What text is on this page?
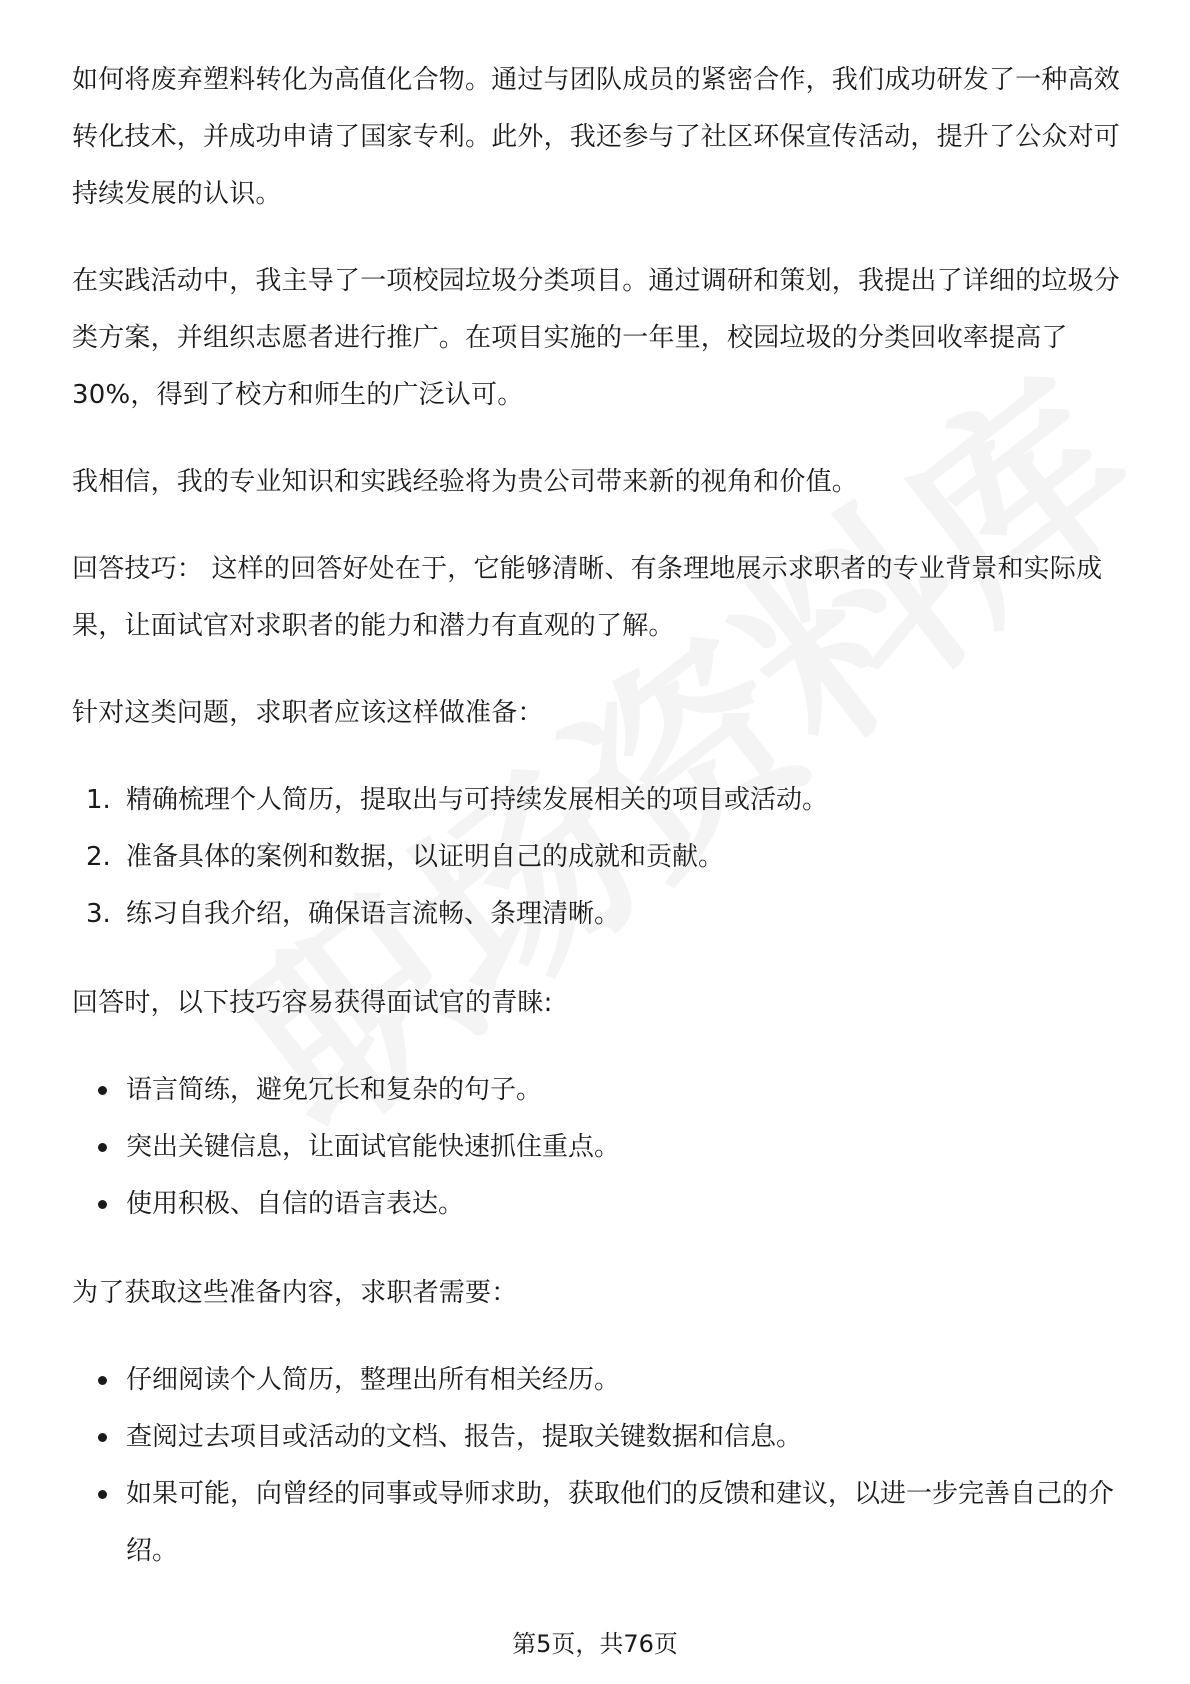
如何将废弃塑料转化为高值化合物。通过与团队成员的紧密合作，我们成功研发了一种高效转化技术，并成功申请了国家专利。此外，我还参与了社区环保宣传活动，提升了公众对可持续发展的认识。

在实践活动中，我主导了一项校园垃圾分类项目。通过调研和策划，我提出了详细的垃圾分类方案，并组织志愿者进行推广。在项目实施的一年里，校园垃圾的分类回收率提高了30%，得到了校方和师生的广泛认可。

我相信，我的专业知识和实践经验将为贵公司带来新的视角和价值。

回答技巧： 这样的回答好处在于，它能够清晰、有条理地展示求职者的专业背景和实际成果，让面试官对求职者的能力和潜力有直观的了解。

针对这类问题，求职者应该这样做准备：

1. 精确梳理个人简历，提取出与可持续发展相关的项目或活动。
2. 准备具体的案例和数据，以证明自己的成就和贡献。
3. 练习自我介绍，确保语言流畅、条理清晰。

回答时，以下技巧容易获得面试官的青睐:

语言简练，避免冗长和复杂的句子。
突出关键信息，让面试官能快速抓住重点。
使用积极、自信的语言表达。

为了获取这些准备内容，求职者需要：

仔细阅读个人简历，整理出所有相关经历。
查阅过去项目或活动的文档、报告，提取关键数据和信息。
如果可能，向曾经的同事或导师求助，获取他们的反馈和建议，以进一步完善自己的介绍。
第5页，共76页
